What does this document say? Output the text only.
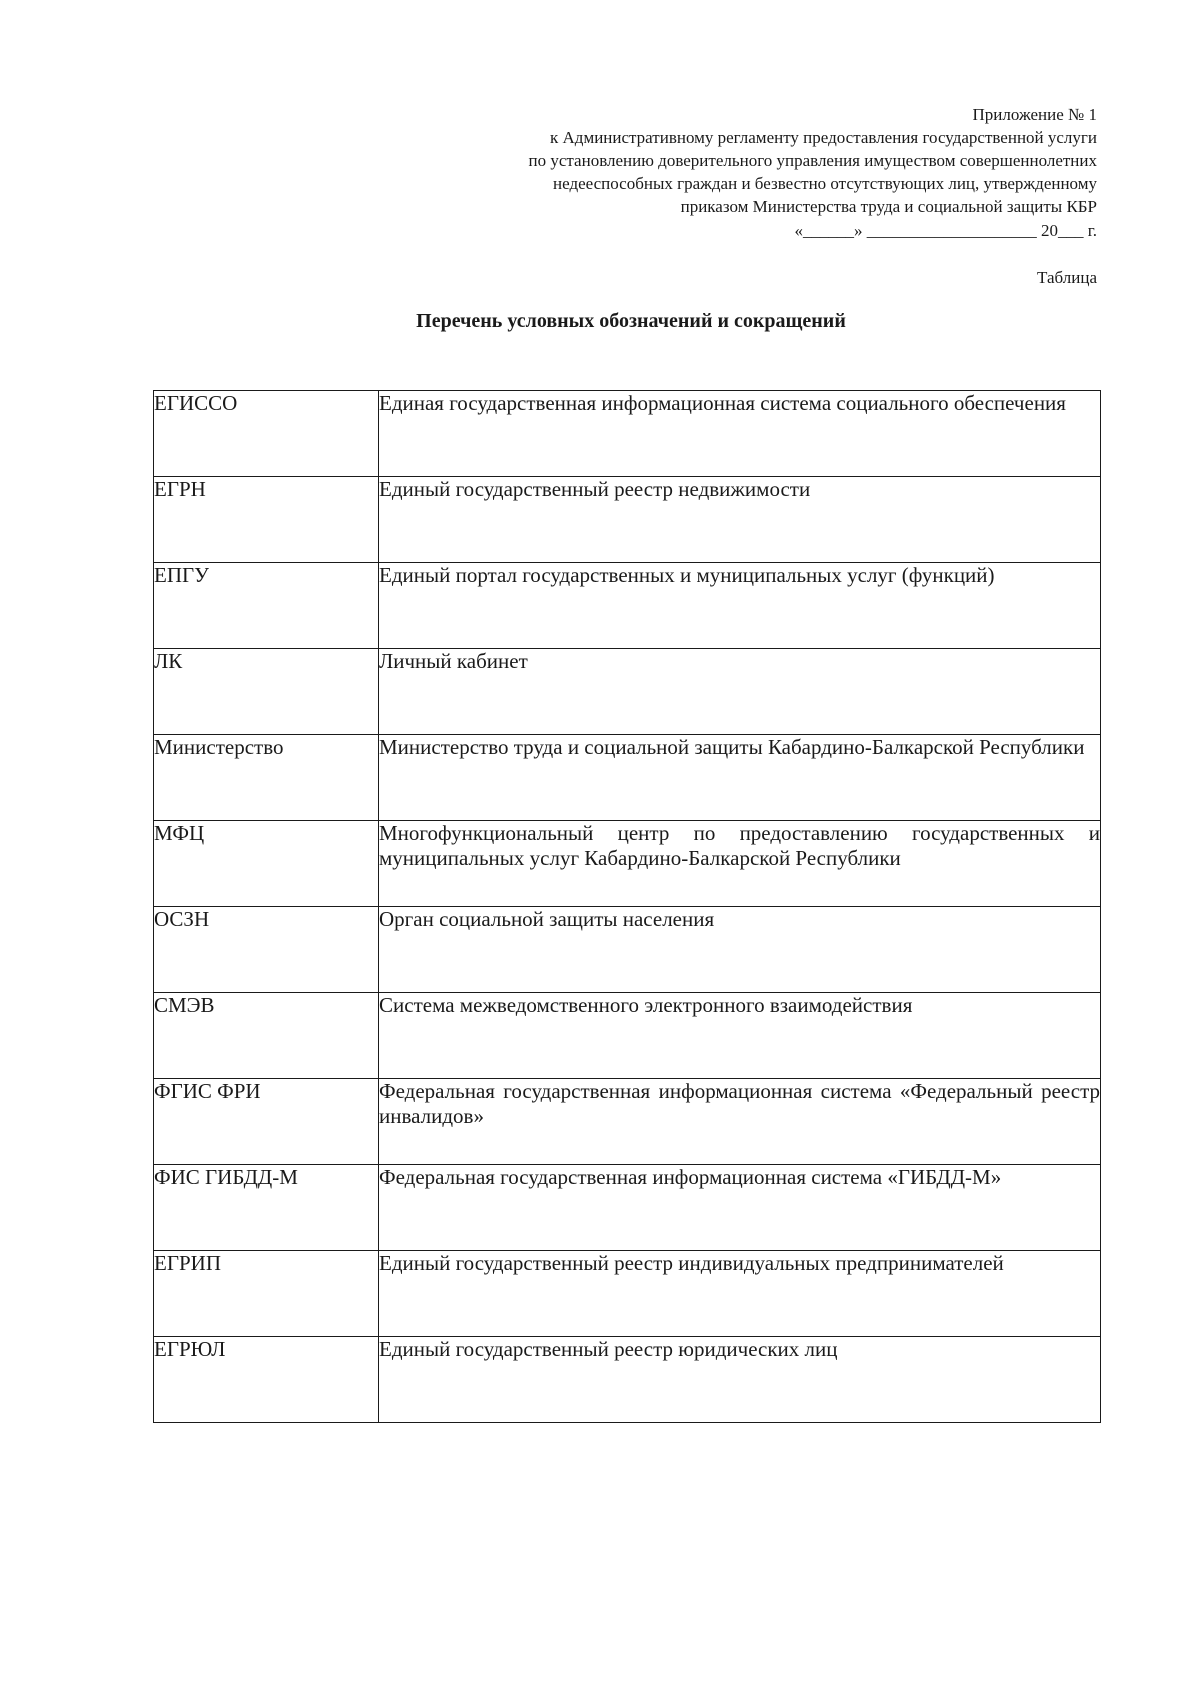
Приложение № 1
к Административному регламенту предоставления государственной услуги
по установлению доверительного управления имуществом совершеннолетних
недееспособных граждан и безвестно отсутствующих лиц, утвержденному
приказом Министерства труда и социальной защиты КБР
«______» ____________________ 20___ г.
Таблица
Перечень условных обозначений и сокращений
ЕГИССО	Единая государственная информационная система социального обеспечения
ЕГРН	Единый государственный реестр недвижимости
ЕПГУ	Единый портал государственных и муниципальных услуг (функций)
ЛК	Личный кабинет
Министерство	Министерство труда и социальной защиты Кабардино-Балкарской Республики
МФЦ	Многофункциональный центр по предоставлению государственных и муниципальных услуг Кабардино-Балкарской Республики
ОСЗН	Орган социальной защиты населения
СМЭВ	Система межведомственного электронного взаимодействия
ФГИС ФРИ	Федеральная государственная информационная система «Федеральный реестр инвалидов»
ФИС ГИБДД-М	Федеральная государственная информационная система «ГИБДД-М»
ЕГРИП	Единый государственный реестр индивидуальных предпринимателей
ЕГРЮЛ	Единый государственный реестр юридических лиц
